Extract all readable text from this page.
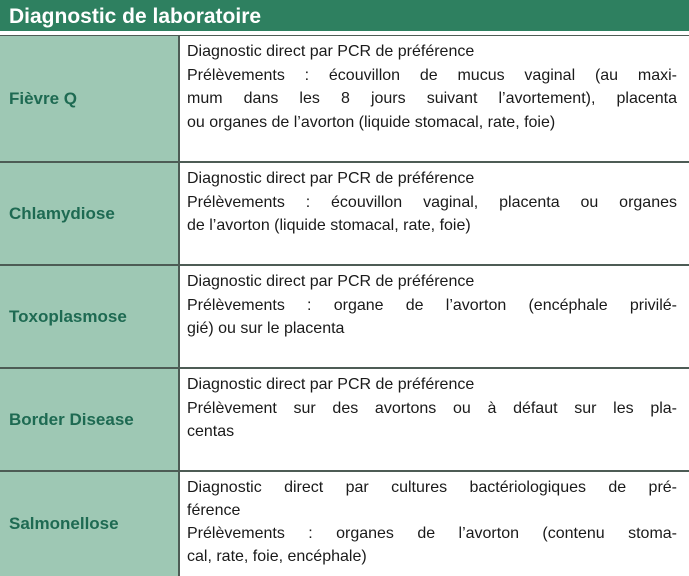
Diagnostic de laboratoire
Fièvre Q
Diagnostic direct par PCR de préférence
Prélèvements : écouvillon de mucus vaginal (au maxi-
mum dans les 8 jours suivant l’avortement), placenta
ou organes de l’avorton (liquide stomacal, rate, foie)
Chlamydiose
Diagnostic direct par PCR de préférence
Prélèvements : écouvillon vaginal, placenta ou organes
de l’avorton (liquide stomacal, rate, foie)
Toxoplasmose
Diagnostic direct par PCR de préférence
Prélèvements : organe de l’avorton (encéphale privilé-
gié) ou sur le placenta
Border Disease
Diagnostic direct par PCR de préférence
Prélèvement sur des avortons ou à défaut sur les pla-
centas
Salmonellose
Diagnostic direct par cultures bactériologiques de pré-
férence
Prélèvements : organes de l’avorton (contenu stoma-
cal, rate, foie, encéphale)
